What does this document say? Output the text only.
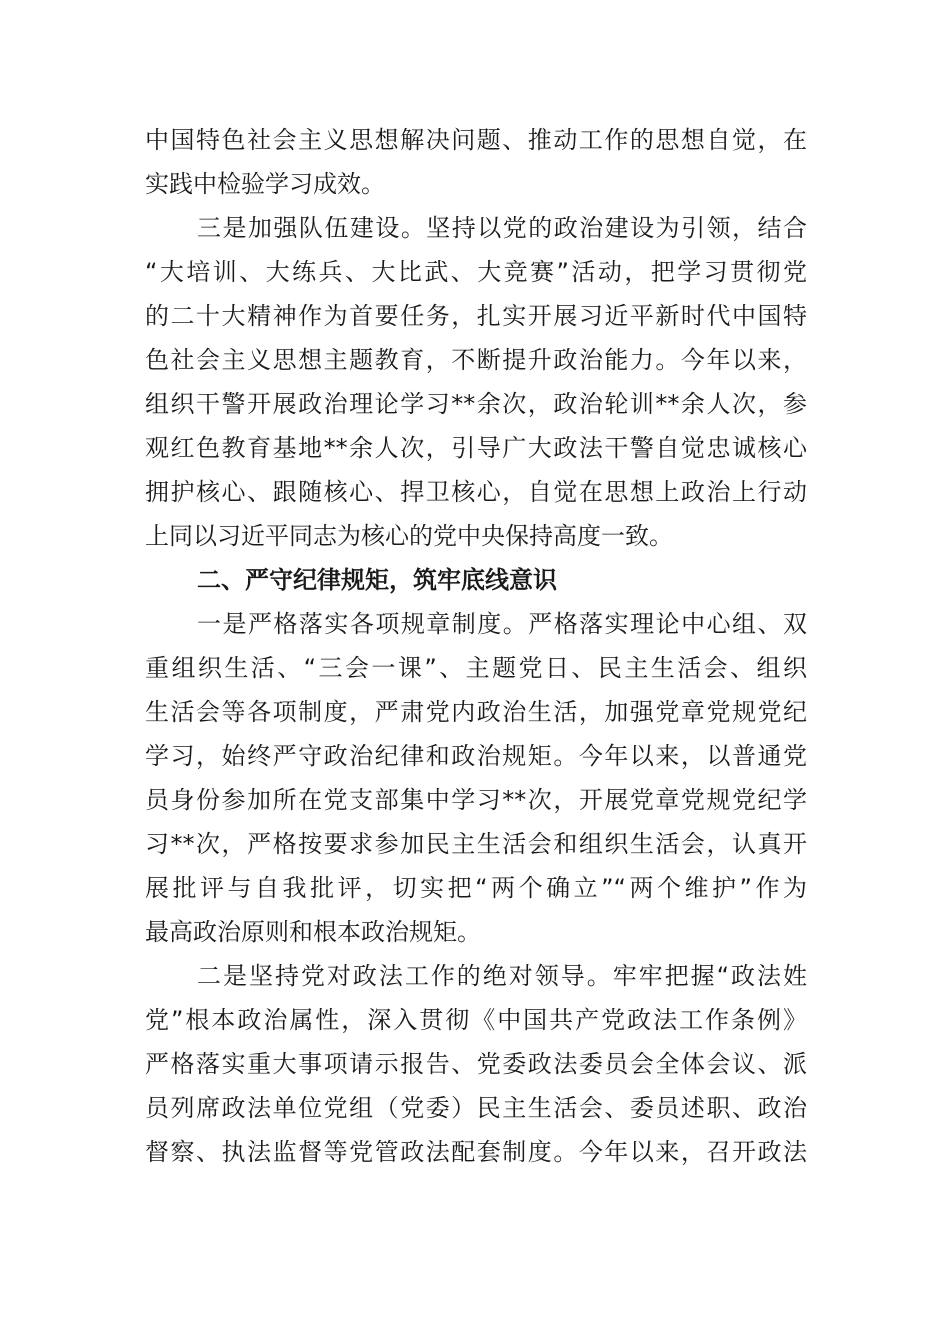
中国特色社会主义思想解决问题、推动工作的思想自觉，在
实践中检验学习成效。
三是加强队伍建设。坚持以党的政治建设为引领，结合
“大培训、大练兵、大比武、大竞赛”活动，把学习贯彻党
的二十大精神作为首要任务，扎实开展习近平新时代中国特
色社会主义思想主题教育，不断提升政治能力。今年以来，
组织干警开展政治理论学习**余次，政治轮训**余人次，参
观红色教育基地**余人次，引导广大政法干警自觉忠诚核心
拥护核心、跟随核心、捍卫核心，自觉在思想上政治上行动
上同以习近平同志为核心的党中央保持高度一致。
二、严守纪律规矩，筑牢底线意识
一是严格落实各项规章制度。严格落实理论中心组、双
重组织生活、“三会一课”、主题党日、民主生活会、组织
生活会等各项制度，严肃党内政治生活，加强党章党规党纪
学习，始终严守政治纪律和政治规矩。今年以来，以普通党
员身份参加所在党支部集中学习**次，开展党章党规党纪学
习**次，严格按要求参加民主生活会和组织生活会，认真开
展批评与自我批评，切实把“两个确立”“两个维护”作为
最高政治原则和根本政治规矩。
二是坚持党对政法工作的绝对领导。牢牢把握“政法姓
党”根本政治属性，深入贯彻《中国共产党政法工作条例》
严格落实重大事项请示报告、党委政法委员会全体会议、派
员列席政法单位党组（党委）民主生活会、委员述职、政治
督察、执法监督等党管政法配套制度。今年以来，召开政法
